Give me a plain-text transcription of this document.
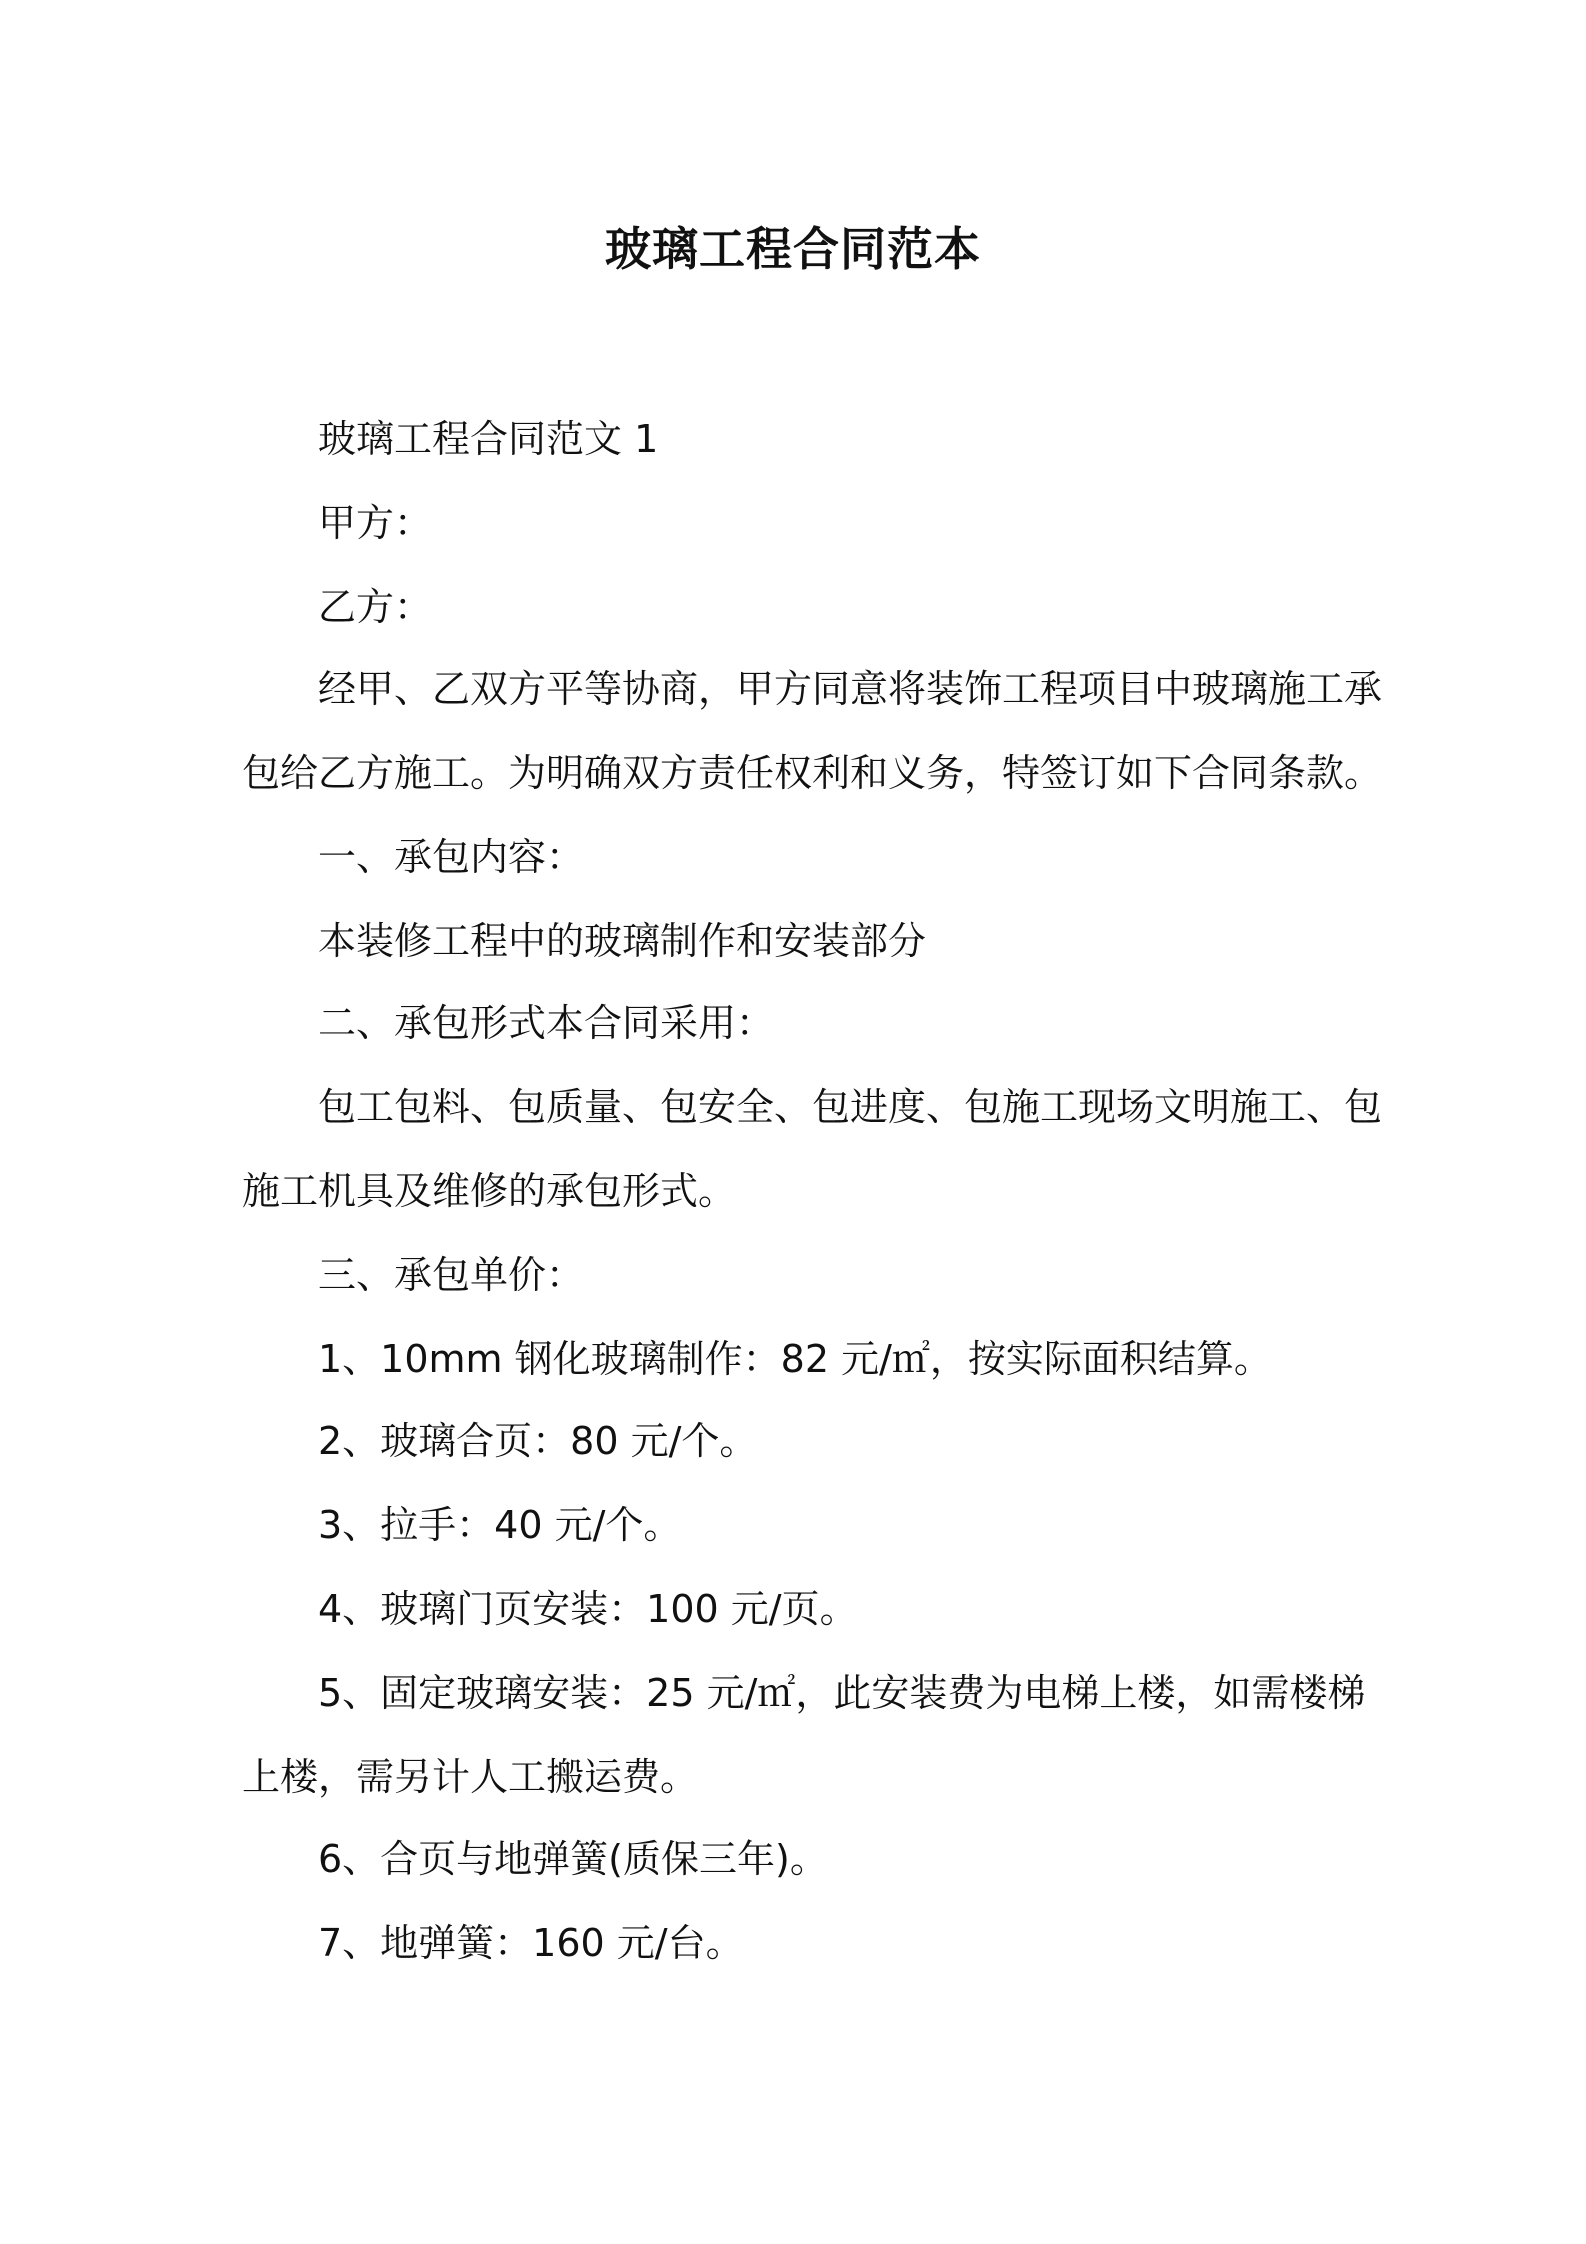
玻璃工程合同范本
玻璃工程合同范文 1
甲方：
乙方：
经甲、乙双方平等协商，甲方同意将装饰工程项目中玻璃施工承
包给乙方施工。为明确双方责任权利和义务，特签订如下合同条款。
一、承包内容：
本装修工程中的玻璃制作和安装部分
二、承包形式本合同采用：
包工包料、包质量、包安全、包进度、包施工现场文明施工、包
施工机具及维修的承包形式。
三、承包单价：
1、10mm 钢化玻璃制作：82 元/㎡，按实际面积结算。
2、玻璃合页：80 元/个。
3、拉手：40 元/个。
4、玻璃门页安装：100 元/页。
5、固定玻璃安装：25 元/㎡，此安装费为电梯上楼，如需楼梯
上楼，需另计人工搬运费。
6、合页与地弹簧(质保三年)。
7、地弹簧：160 元/台。
